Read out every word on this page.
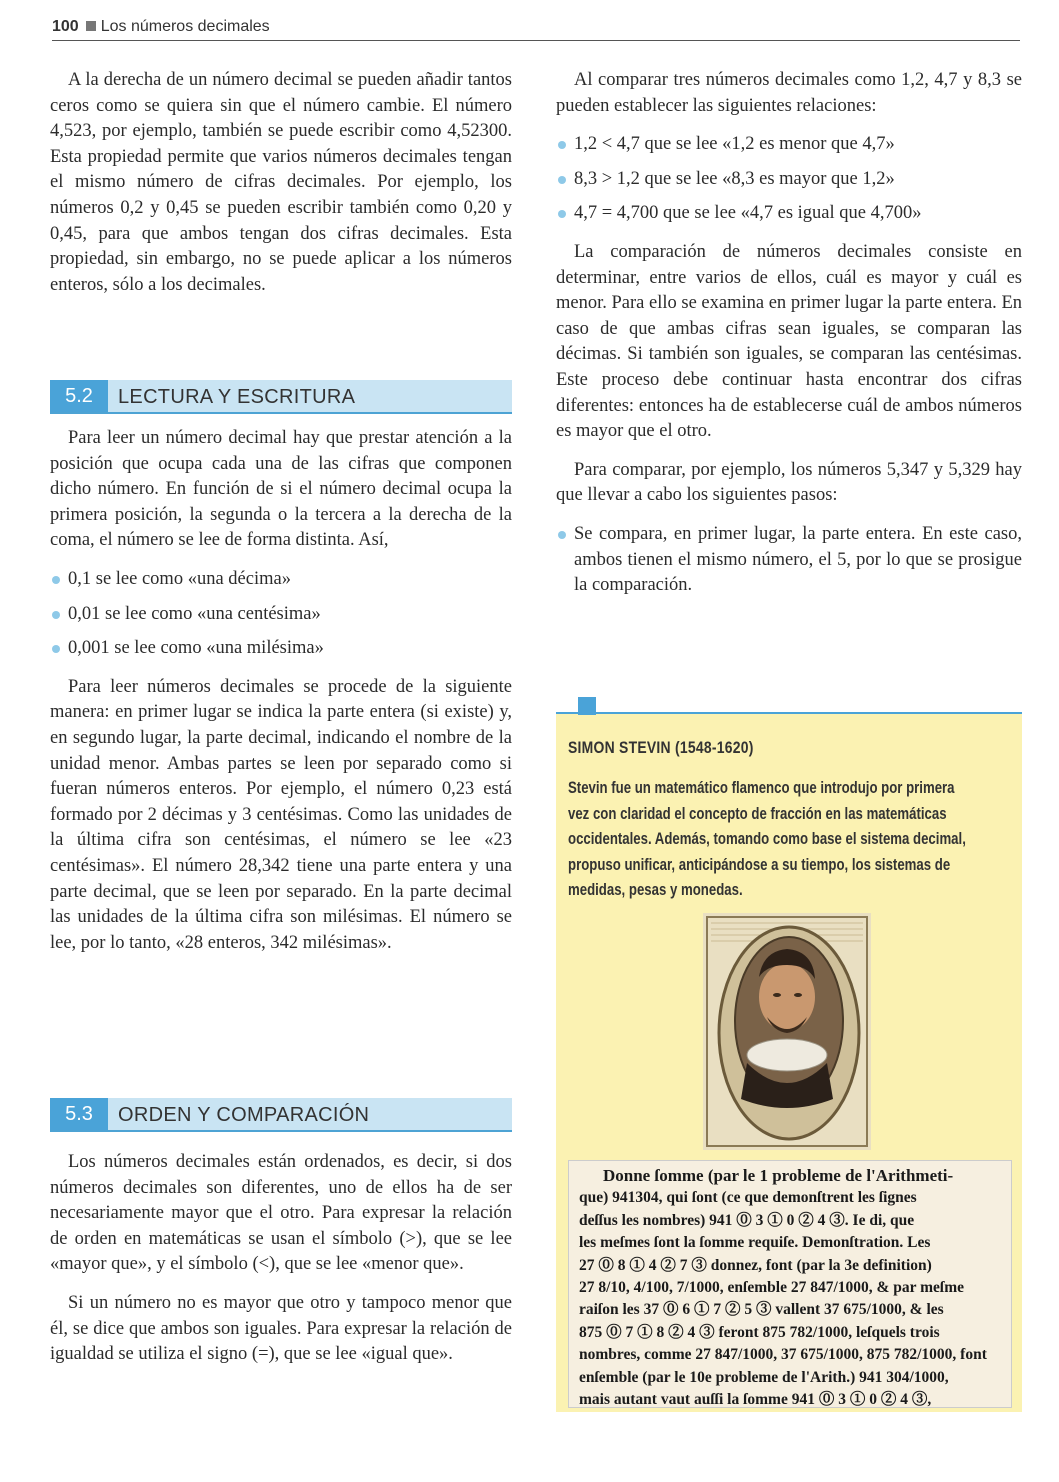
100 Los números decimales

A la derecha de un número decimal se pueden añadir tantos ceros como se quiera sin que el número cambie. El número 4,523, por ejemplo, también se puede escribir como 4,52300. Esta propiedad permite que varios números decimales tengan el mismo número de cifras decimales. Por ejemplo, los números 0,2 y 0,45 se pueden escribir también como 0,20 y 0,45, para que ambos tengan dos cifras decimales. Esta propiedad, sin embargo, no se puede aplicar a los números enteros, sólo a los decimales.

5.2	LECTURA Y ESCRITURA

Para leer un número decimal hay que prestar atención a la posición que ocupa cada una de las cifras que componen dicho número. En función de si el número decimal ocupa la primera posición, la segunda o la tercera a la derecha de la coma, el número se lee de forma distinta. Así,

0,1 se lee como «una décima»
0,01 se lee como «una centésima»
0,001 se lee como «una milésima»

Para leer números decimales se procede de la siguiente manera: en primer lugar se indica la parte entera (si existe) y, en segundo lugar, la parte decimal, indicando el nombre de la unidad menor. Ambas partes se leen por separado como si fueran números enteros. Por ejemplo, el número 0,23 está formado por 2 décimas y 3 centésimas. Como las unidades de la última cifra son centésimas, el número se lee «23 centésimas». El número 28,342 tiene una parte entera y una parte decimal, que se leen por separado. En la parte decimal las unidades de la última cifra son milésimas. El número se lee, por lo tanto, «28 enteros, 342 milésimas».

5.3	ORDEN Y COMPARACIÓN

Los números decimales están ordenados, es decir, si dos números decimales son diferentes, uno de ellos ha de ser necesariamente mayor que el otro. Para expresar la relación de orden en matemáticas se usan el símbolo (>), que se lee «mayor que», y el símbolo (<), que se lee «menor que».

Si un número no es mayor que otro y tampoco menor que él, se dice que ambos son iguales. Para expresar la relación de igualdad se utiliza el signo (=), que se lee «igual que».

Al comparar tres números decimales como 1,2, 4,7 y 8,3 se pueden establecer las siguientes relaciones:

1,2 < 4,7 que se lee «1,2 es menor que 4,7»
8,3 > 1,2 que se lee «8,3 es mayor que 1,2»
4,7 = 4,700 que se lee «4,7 es igual que 4,700»

La comparación de números decimales consiste en determinar, entre varios de ellos, cuál es mayor y cuál es menor. Para ello se examina en primer lugar la parte entera. En caso de que ambas cifras sean iguales, se comparan las décimas. Si también son iguales, se comparan las centésimas. Este proceso debe continuar hasta encontrar dos cifras diferentes: entonces ha de establecerse cuál de ambos números es mayor que el otro.

Para comparar, por ejemplo, los números 5,347 y 5,329 hay que llevar a cabo los siguientes pasos:

Se compara, en primer lugar, la parte entera. En este caso, ambos tienen el mismo número, el 5, por lo que se prosigue la comparación.
SIMON STEVIN (1548-1620)
Stevin fue un matemático flamenco que introdujo por primera vez con claridad el concepto de fracción en las matemáticas occidentales. Además, tomando como base el sistema decimal, propuso unificar, anticipándose a su tiempo, los sistemas de medidas, pesas y monedas.
Donne ſomme (par le 1 probleme de l'Arithmeti-
que) 941304, qui ſont (ce que demonſtrent les ſignes
deſſus les nombres) 941 ⓪ 3 ① 0 ② 4 ③. Ie di, que
les meſmes ſont la ſomme requiſe. Demonſtration. Les
27 ⓪ 8 ① 4 ② 7 ③ donnez, font (par la 3e definition)
27 8/10, 4/100, 7/1000, enſemble 27 847/1000, & par meſme
raiſon les 37 ⓪ 6 ① 7 ② 5 ③ vallent 37 675/1000, & les
875 ⓪ 7 ① 8 ② 4 ③ feront 875 782/1000, leſquels trois
nombres, comme 27 847/1000, 37 675/1000, 875 782/1000, font
enſemble (par le 10e probleme de l'Arith.) 941 304/1000,
mais autant vaut auſſi la ſomme 941 ⓪ 3 ① 0 ② 4 ③,
